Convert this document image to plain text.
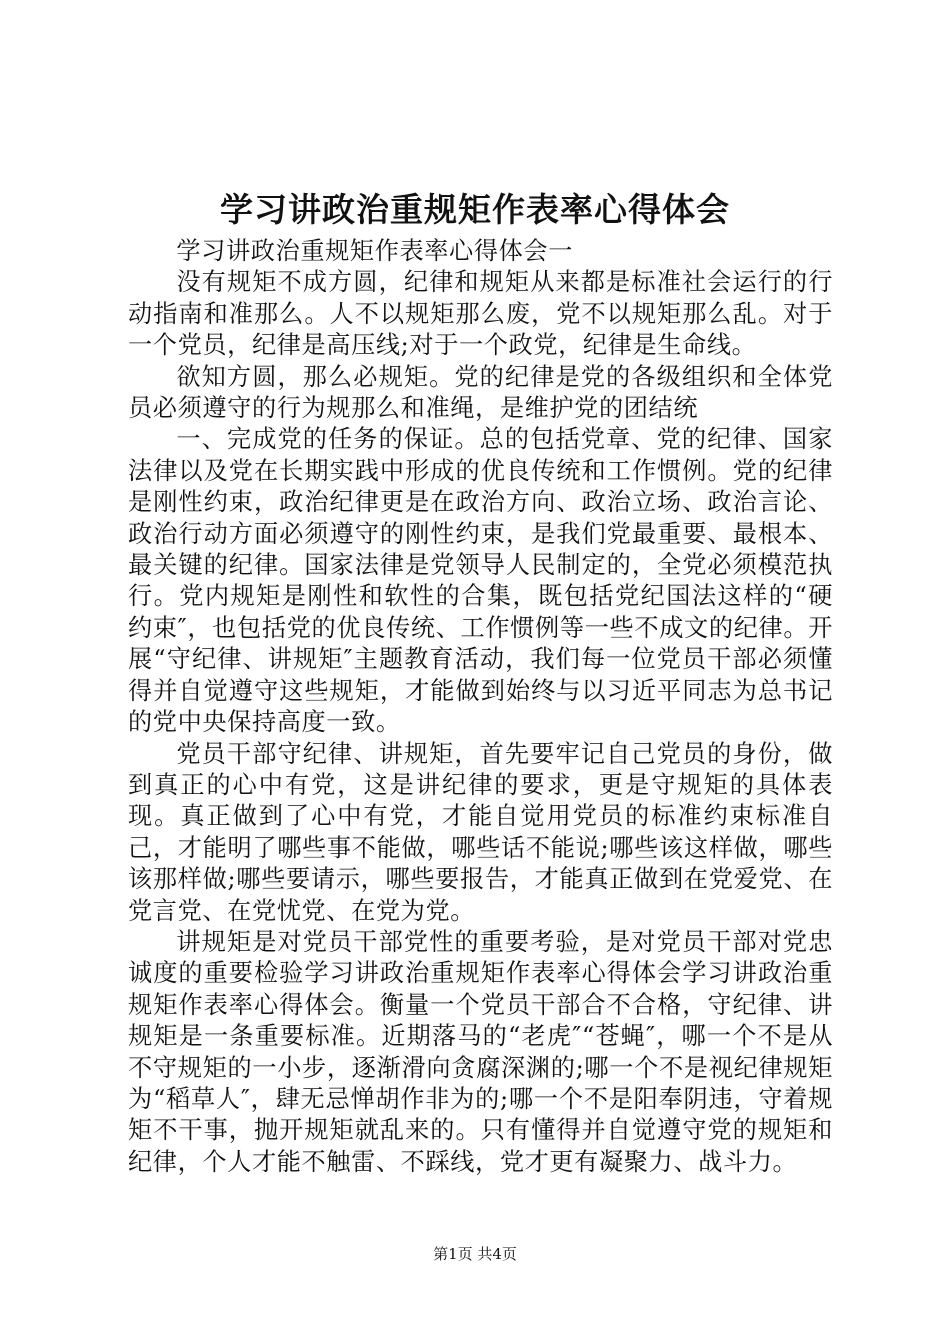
学习讲政治重规矩作表率心得体会

学习讲政治重规矩作表率心得体会一

没有规矩不成方圆，纪律和规矩从来都是标准社会运行的行动指南和准那么。人不以规矩那么废，党不以规矩那么乱。对于一个党员，纪律是高压线;对于一个政党，纪律是生命线。

欲知方圆，那么必规矩。党的纪律是党的各级组织和全体党员必须遵守的行为规那么和准绳，是维护党的团结统

一、完成党的任务的保证。总的包括党章、党的纪律、国家法律以及党在长期实践中形成的优良传统和工作惯例。党的纪律是刚性约束，政治纪律更是在政治方向、政治立场、政治言论、政治行动方面必须遵守的刚性约束，是我们党最重要、最根本、最关键的纪律。国家法律是党领导人民制定的，全党必须模范执行。党内规矩是刚性和软性的合集，既包括党纪国法这样的“硬约束″，也包括党的优良传统、工作惯例等一些不成文的纪律。开展“守纪律、讲规矩″主题教育活动，我们每一位党员干部必须懂得并自觉遵守这些规矩，才能做到始终与以习近平同志为总书记的党中央保持高度一致。

党员干部守纪律、讲规矩，首先要牢记自己党员的身份，做到真正的心中有党，这是讲纪律的要求，更是守规矩的具体表现。真正做到了心中有党，才能自觉用党员的标准约束标准自己，才能明了哪些事不能做，哪些话不能说;哪些该这样做，哪些该那样做;哪些要请示，哪些要报告，才能真正做到在党爱党、在党言党、在党忧党、在党为党。

讲规矩是对党员干部党性的重要考验，是对党员干部对党忠诚度的重要检验学习讲政治重规矩作表率心得体会学习讲政治重规矩作表率心得体会。衡量一个党员干部合不合格，守纪律、讲规矩是一条重要标准。近期落马的“老虎″“苍蝇″，哪一个不是从不守规矩的一小步，逐渐滑向贪腐深渊的;哪一个不是视纪律规矩为“稻草人″，肆无忌惮胡作非为的;哪一个不是阳奉阴违，守着规矩不干事，抛开规矩就乱来的。只有懂得并自觉遵守党的规矩和纪律，个人才能不触雷、不踩线，党才更有凝聚力、战斗力。

第1页 共4页
